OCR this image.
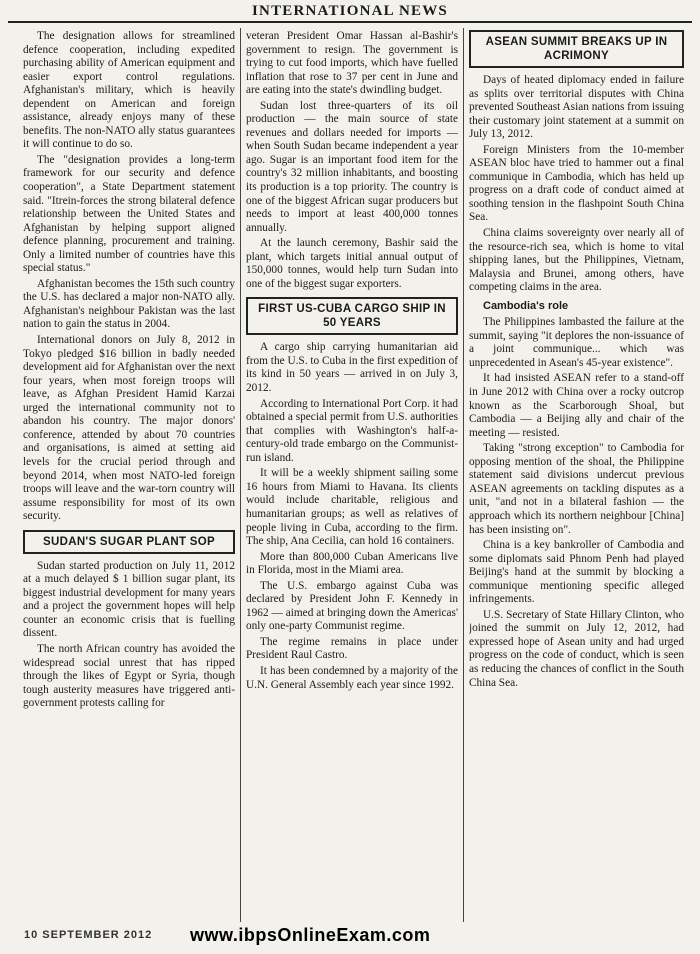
INTERNATIONAL NEWS

The designation allows for streamlined defence cooperation, including expedited purchasing ability of American equipment and easier export control regulations. Afghanistan's military, which is heavily dependent on American and foreign assistance, already enjoys many of these benefits. The non-NATO ally status guarantees it will continue to do so.

The "designation provides a long-term framework for our security and defence cooperation", a State Department statement said. "Itrein-forces the strong bilateral defence relationship between the United States and Afghanistan by helping support aligned defence planning, procurement and training. Only a limited number of countries have this special status."

Afghanistan becomes the 15th such country the U.S. has declared a major non-NATO ally. Afghanistan's neighbour Pakistan was the last nation to gain the status in 2004.

International donors on July 8, 2012 in Tokyo pledged $16 billion in badly needed development aid for Afghanistan over the next four years, when most foreign troops will leave, as Afghan President Hamid Karzai urged the international community not to abandon his country. The major donors' conference, attended by about 70 countries and organisations, is aimed at setting aid levels for the crucial period through and beyond 2014, when most NATO-led foreign troops will leave and the war-torn country will assume responsibility for most of its own security.

SUDAN'S SUGAR PLANT SOP

Sudan started production on July 11, 2012 at a much delayed $ 1 billion sugar plant, its biggest industrial development for many years and a project the government hopes will help counter an economic crisis that is fuelling dissent.

The north African country has avoided the widespread social unrest that has ripped through the likes of Egypt or Syria, though tough austerity measures have triggered anti-government protests calling for

veteran President Omar Hassan al-Bashir's government to resign. The government is trying to cut food imports, which have fuelled inflation that rose to 37 per cent in June and are eating into the state's dwindling budget.

Sudan lost three-quarters of its oil production — the main source of state revenues and dollars needed for imports — when South Sudan became independent a year ago. Sugar is an important food item for the country's 32 million inhabitants, and boosting its production is a top priority. The country is one of the biggest African sugar producers but needs to import at least 400,000 tonnes annually.

At the launch ceremony, Bashir said the plant, which targets initial annual output of 150,000 tonnes, would help turn Sudan into one of the biggest sugar exporters.

FIRST US-CUBA CARGO SHIP IN 50 YEARS

A cargo ship carrying humanitarian aid from the U.S. to Cuba in the first expedition of its kind in 50 years — arrived in on July 3, 2012.

According to International Port Corp. it had obtained a special permit from U.S. authorities that complies with Washington's half-a-century-old trade embargo on the Communist-run island.

It will be a weekly shipment sailing some 16 hours from Miami to Havana. Its clients would include charitable, religious and humanitarian groups; as well as relatives of people living in Cuba, according to the firm. The ship, Ana Cecilia, can hold 16 containers.

More than 800,000 Cuban Americans live in Florida, most in the Miami area.

The U.S. embargo against Cuba was declared by President John F. Kennedy in 1962 — aimed at bringing down the Americas' only one-party Communist regime.

The regime remains in place under President Raul Castro.

It has been condemned by a majority of the U.N. General Assembly each year since 1992.

ASEAN SUMMIT BREAKS UP IN ACRIMONY

Days of heated diplomacy ended in failure as splits over territorial disputes with China prevented Southeast Asian nations from issuing their customary joint statement at a summit on July 13, 2012.

Foreign Ministers from the 10-member ASEAN bloc have tried to hammer out a final communique in Cambodia, which has held up progress on a draft code of conduct aimed at soothing tension in the flashpoint South China Sea.

China claims sovereignty over nearly all of the resource-rich sea, which is home to vital shipping lanes, but the Philippines, Vietnam, Malaysia and Brunei, among others, have competing claims in the area.

Cambodia's role

The Philippines lambasted the failure at the summit, saying "it deplores the non-issuance of a joint communique... which was unprecedented in Asean's 45-year existence".

It had insisted ASEAN refer to a stand-off in June 2012 with China over a rocky outcrop known as the Scarborough Shoal, but Cambodia — a Beijing ally and chair of the meeting — resisted.

Taking "strong exception" to Cambodia for opposing mention of the shoal, the Philippine statement said divisions undercut previous ASEAN agreements on tackling disputes as a unit, "and not in a bilateral fashion — the approach which its northern neighbour [China] has been insisting on".

China is a key bankroller of Cambodia and some diplomats said Phnom Penh had played Beijing's hand at the summit by blocking a communique mentioning specific alleged infringements.

U.S. Secretary of State Hillary Clinton, who joined the summit on July 12, 2012, had expressed hope of Asean unity and had urged progress on the code of conduct, which is seen as reducing the chances of conflict in the South China Sea.

10 SEPTEMBER 2012 www.ibpsOnlineExam.com
